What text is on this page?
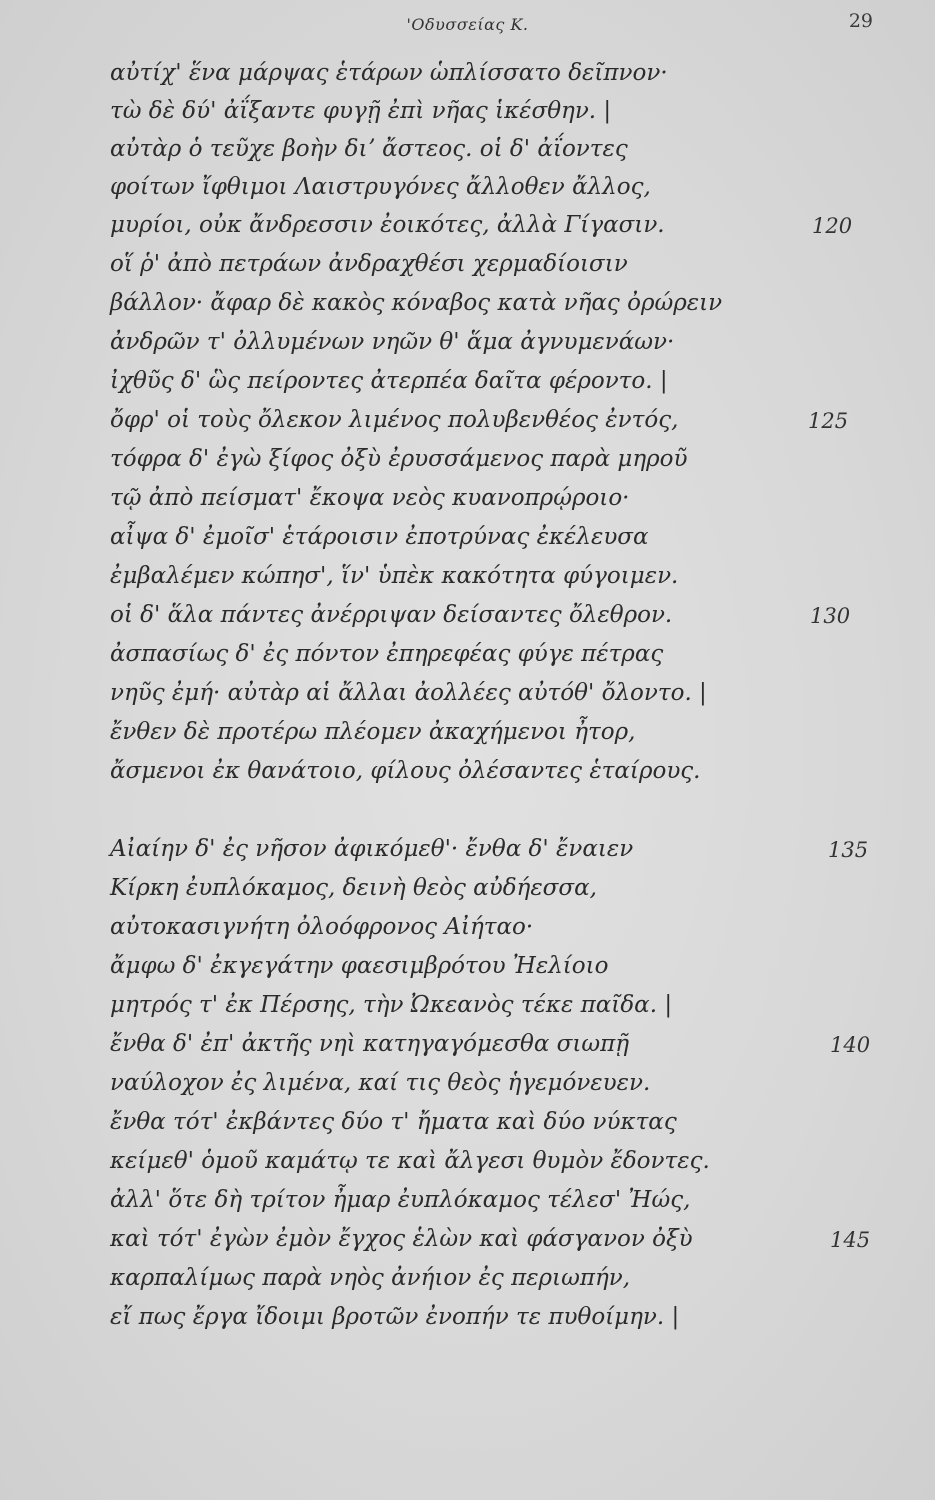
'Οδυσσείας Κ.	29
αὐτίχ' ἕνα μάρψας ἑτάρων ὡπλίσσατο δεῖπνον·
τὼ δὲ δύ' ἀΐξαντε φυγῇ ἐπὶ νῆας ἱκέσθην. |
αὐτὰρ ὁ τεῦχε βοὴν διʼ ἄστεος. οἱ δ' ἀΐοντες
φοίτων ἴφθιμοι Λαιστρυγόνες ἄλλοθεν ἄλλος,
μυρίοι, οὐκ ἄνδρεσσιν ἐοικότες, ἀλλὰ Γίγασιν.
οἵ ῥ' ἀπὸ πετράων ἀνδραχθέσι χερμαδίοισιν
βάλλον· ἄφαρ δὲ κακὸς κόναβος κατὰ νῆας ὀρώρειν
ἀνδρῶν τ' ὀλλυμένων νηῶν θ' ἅμα ἀγνυμενάων·
ἰχθῦς δ' ὣς πείροντες ἀτερπέα δαῖτα φέροντο. |
ὄφρ' οἱ τοὺς ὄλεκον λιμένος πολυβενθέος ἐντός,
τόφρα δ' ἐγὼ ξίφος ὀξὺ ἐρυσσάμενος παρὰ μηροῦ
τῷ ἀπὸ πείσματ' ἔκοψα νεὸς κυανοπρῴροιο·
αἶψα δ' ἐμοῖσ' ἑτάροισιν ἐποτρύνας ἐκέλευσα
ἐμβαλέμεν κώπησ', ἵν' ὑπὲκ κακότητα φύγοιμεν.
οἱ δ' ἅλα πάντες ἀνέρριψαν δείσαντες ὄλεθρον.
ἀσπασίως δ' ἐς πόντον ἐπηρεφέας φύγε πέτρας
νηῦς ἐμή· αὐτὰρ αἱ ἄλλαι ἀολλέες αὐτόθ' ὄλοντο. |
ἔνθεν δὲ προτέρω πλέομεν ἀκαχήμενοι ἦτορ,
ἄσμενοι ἐκ θανάτοιο, φίλους ὀλέσαντες ἑταίρους.
Αἰαίην δ' ἐς νῆσον ἀφικόμεθ'· ἔνθα δ' ἔναιεν
Κίρκη ἐυπλόκαμος, δεινὴ θεὸς αὐδήεσσα,
αὐτοκασιγνήτη ὀλοόφρονος Αἰήταο·
ἄμφω δ' ἐκγεγάτην φαεσιμβρότου Ἠελίοιο
μητρός τ' ἐκ Πέρσης, τὴν Ὠκεανὸς τέκε παῖδα. |
ἔνθα δ' ἐπ' ἀκτῆς νηὶ κατηγαγόμεσθα σιωπῇ
ναύλοχον ἐς λιμένα, καί τις θεὸς ἡγεμόνευεν.
ἔνθα τότ' ἐκβάντες δύο τ' ἤματα καὶ δύο νύκτας
κείμεθ' ὁμοῦ καμάτῳ τε καὶ ἄλγεσι θυμὸν ἔδοντες.
ἀλλ' ὅτε δὴ τρίτον ἦμαρ ἐυπλόκαμος τέλεσ' Ἠώς,
καὶ τότ' ἐγὼν ἐμὸν ἔγχος ἑλὼν καὶ φάσγανον ὀξὺ
καρπαλίμως παρὰ νηὸς ἀνήιον ἐς περιωπήν,
εἴ πως ἔργα ἴδοιμι βροτῶν ἐνοπήν τε πυθοίμην. |
120
125
130
135
140
145
